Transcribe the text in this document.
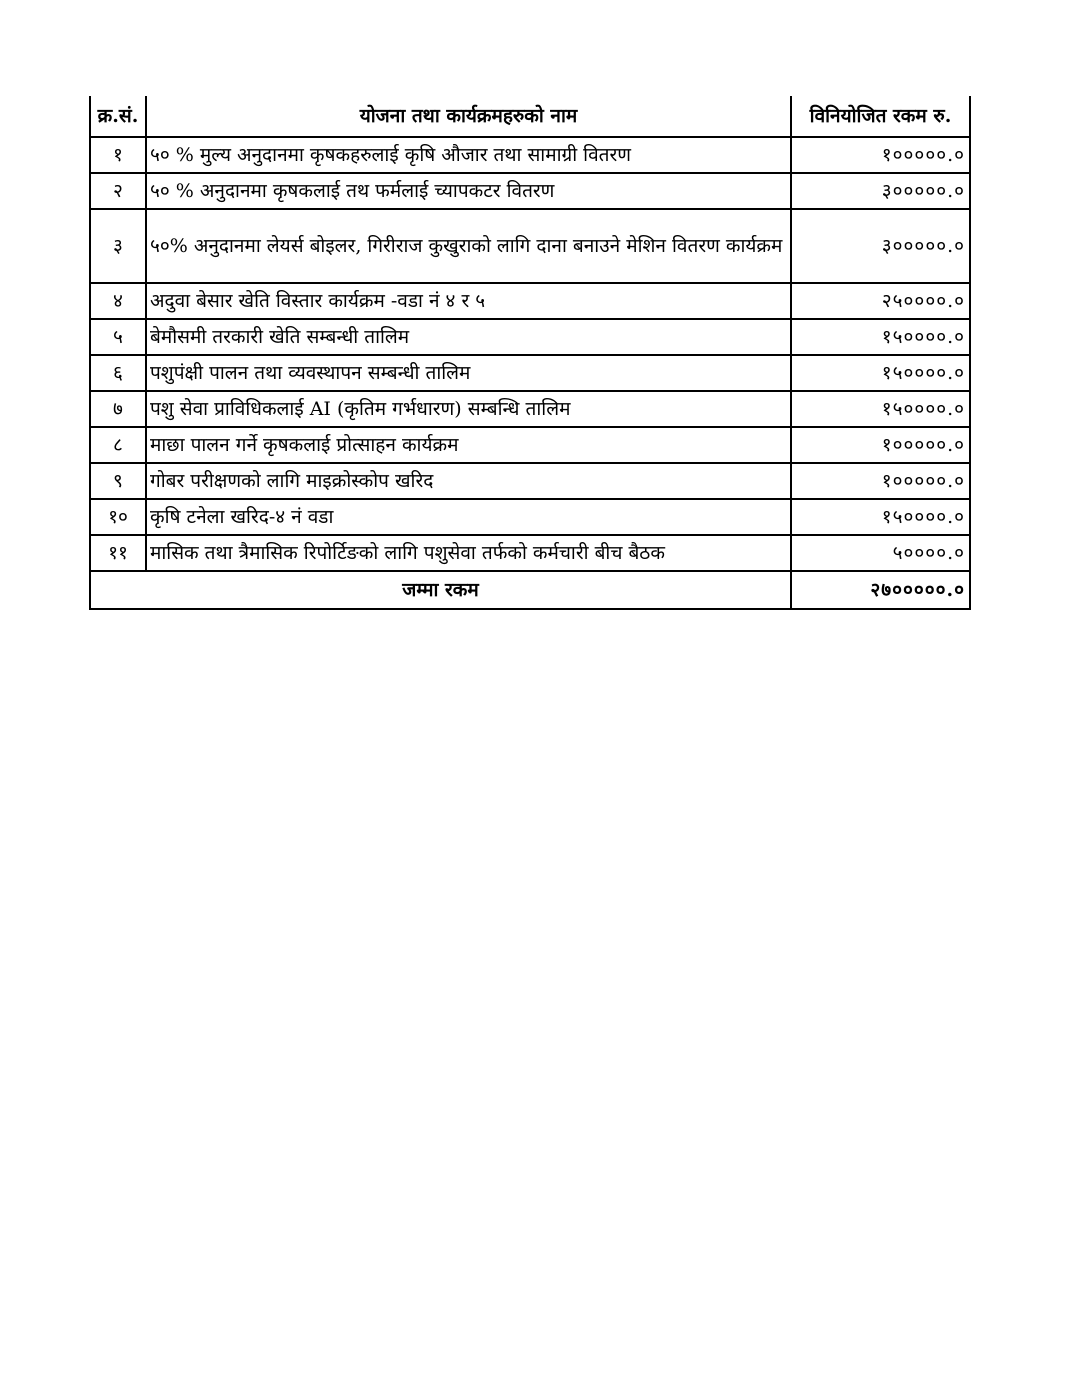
क्र.सं.	योजना तथा कार्यक्रमहरुको नाम	विनियोजित रकम रु.
१	५० % मुल्य अनुदानमा कृषकहरुलाई कृषि औजार तथा सामाग्री वितरण	१०००००.०
२	५० % अनुदानमा कृषकलाई तथ फर्मलाई च्यापकटर वितरण	३०००००.०
३	५०% अनुदानमा लेयर्स बोइलर, गिरीराज कुखुराको लागि दाना बनाउने मेशिन वितरण कार्यक्रम	३०००००.०
४	अदुवा बेसार खेति विस्तार कार्यक्रम -वडा नं ४ र ५	२५००००.०
५	बेमौसमी तरकारी खेति सम्बन्धी तालिम	१५००००.०
६	पशुपंक्षी पालन तथा व्यवस्थापन सम्बन्धी तालिम	१५००००.०
७	पशु सेवा प्राविधिकलाई AI (कृतिम गर्भधारण) सम्बन्धि तालिम	१५००००.०
८	माछा पालन गर्ने कृषकलाई प्रोत्साहन कार्यक्रम	१०००००.०
९	गोबर परीक्षणको लागि माइक्रोस्कोप खरिद	१०००००.०
१०	कृषि टनेला खरिद-४ नं वडा	१५००००.०
११	मासिक तथा त्रैमासिक रिपोर्टिङको लागि पशुसेवा तर्फको कर्मचारी बीच बैठक	५००००.०
जम्मा रकम		२७०००००.०
